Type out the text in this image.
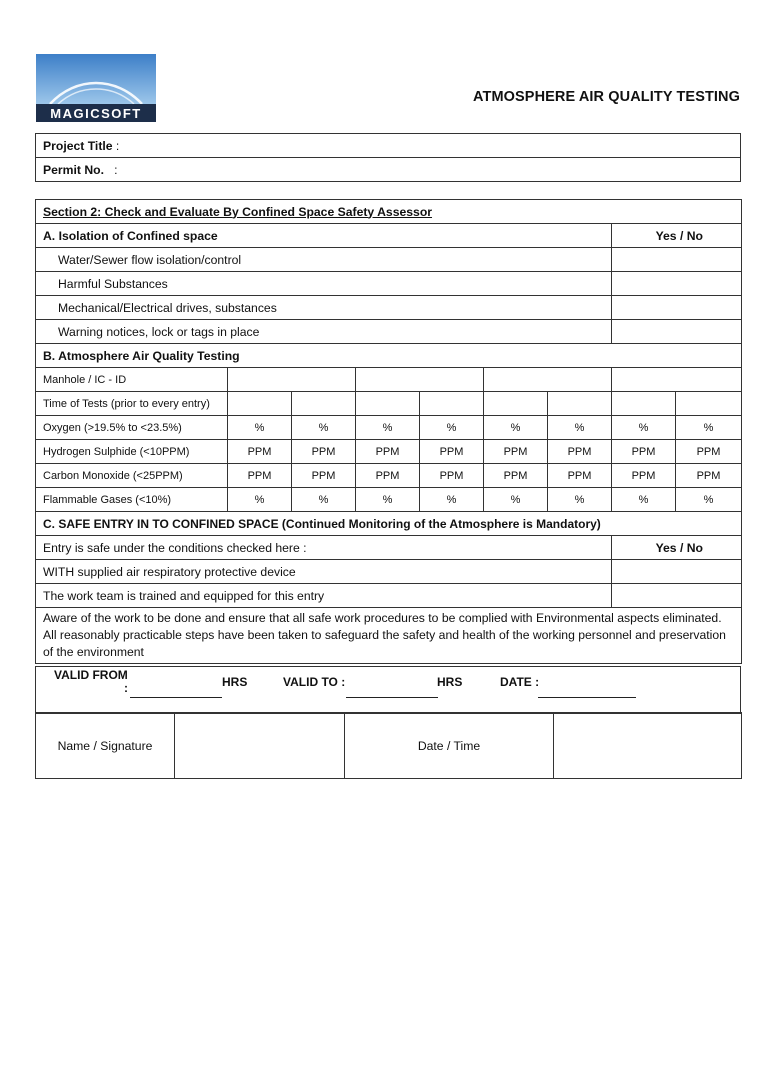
MAGICSOFT
ATMOSPHERE AIR QUALITY TESTING
Project Title :
Permit No.   :
Section 2: Check and Evaluate By Confined Space Safety Assessor								
A. Isolation of Confined space							Yes / No	
Water/Sewer flow isolation/control								
Harmful Substances								
Mechanical/Electrical drives, substances								
Warning notices, lock or tags in place								
B. Atmosphere Air Quality Testing								
Manhole / IC - ID								
Time of Tests (prior to every entry)								
Oxygen (>19.5% to <23.5%)	%	%	%	%	%	%	%	%
Hydrogen Sulphide (<10PPM)	PPM	PPM	PPM	PPM	PPM	PPM	PPM	PPM
Carbon Monoxide (<25PPM)	PPM	PPM	PPM	PPM	PPM	PPM	PPM	PPM
Flammable Gases (<10%)	%	%	%	%	%	%	%	%
C. SAFE ENTRY IN TO CONFINED SPACE (Continued Monitoring of the Atmosphere is Mandatory)								
Entry is safe under the conditions checked here :							Yes / No	
WITH supplied air respiratory protective device								
The work team is trained and equipped for this entry								
Aware of the work to be done and ensure that all safe work procedures to be complied with Environmental aspects eliminated. All reasonably practicable steps have been taken to safeguard the safety and health of the working personnel and preservation of the environment								
VALID FROM
:	HRS	VALID TO :	HRS	DATE :
Name / Signature		Date / Time	
